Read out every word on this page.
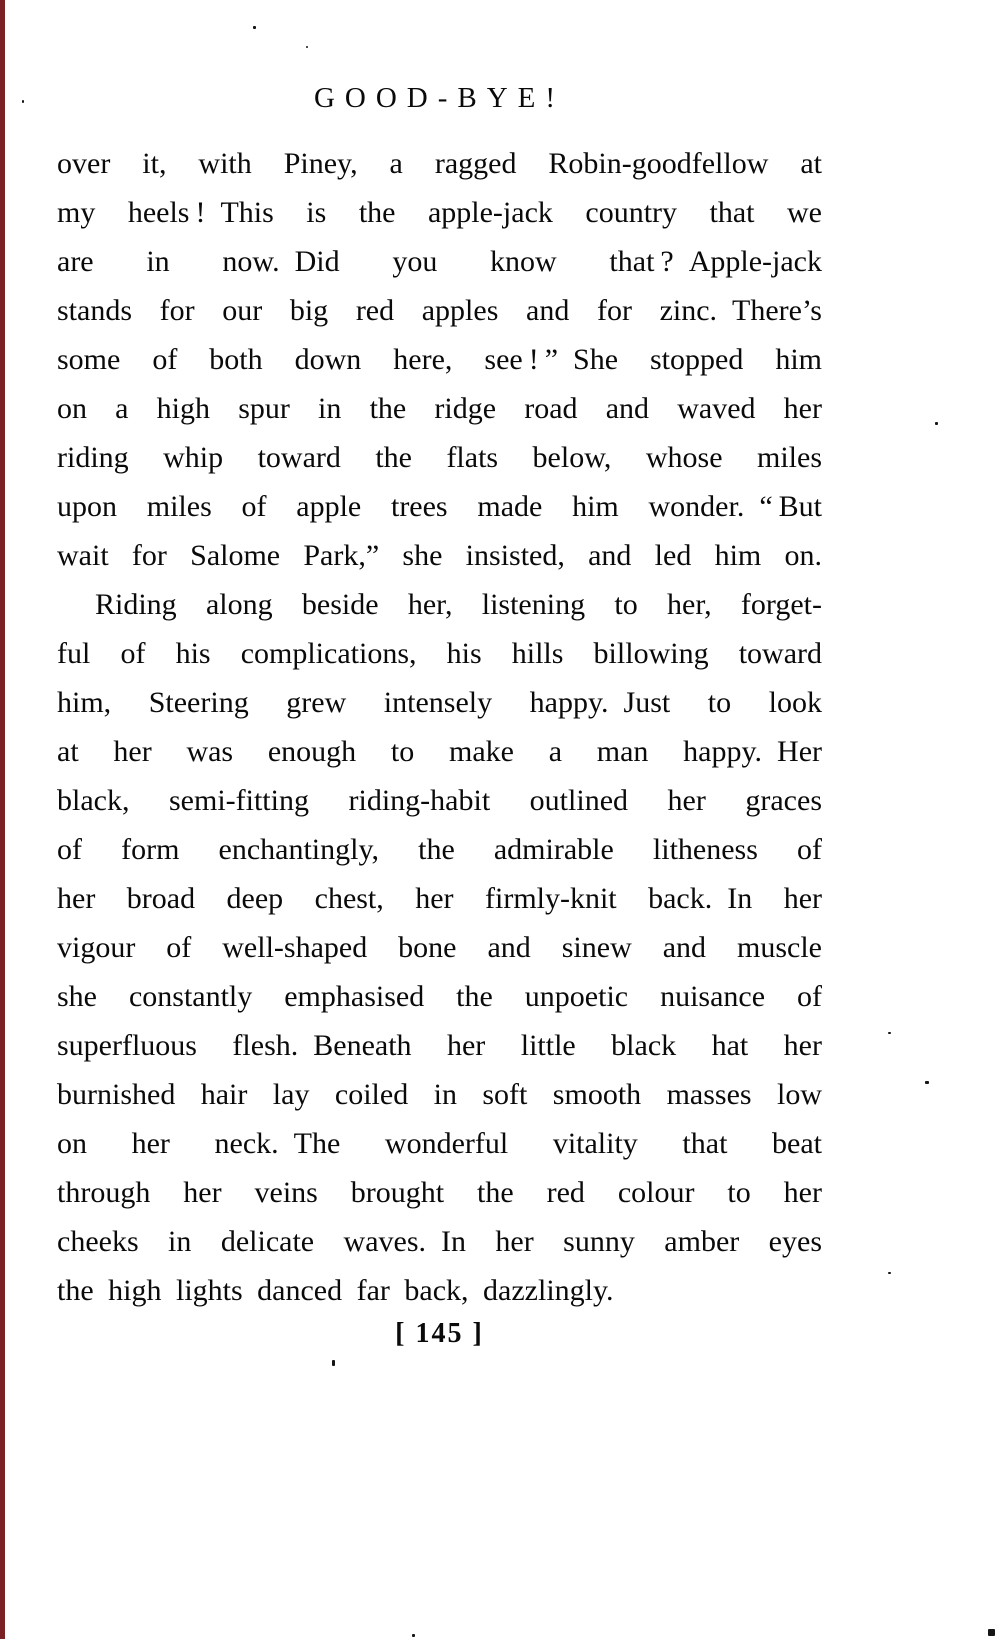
GOOD-BYE!
over it, with Piney, a ragged Robin-goodfellow at
my heels ! This is the apple-jack country that we
are in now. Did you know that ? Apple-jack
stands for our big red apples and for zinc. There’s
some of both down here, see ! ” She stopped him
on a high spur in the ridge road and waved her
riding whip toward the flats below, whose miles
upon miles of apple trees made him wonder. “ But
wait for Salome Park,” she insisted, and led him on.
Riding along beside her, listening to her, forget-
ful of his complications, his hills billowing toward
him, Steering grew intensely happy. Just to look
at her was enough to make a man happy. Her
black, semi-fitting riding-habit outlined her graces
of form enchantingly, the admirable litheness of
her broad deep chest, her firmly-knit back. In her
vigour of well-shaped bone and sinew and muscle
she constantly emphasised the unpoetic nuisance of
superfluous flesh. Beneath her little black hat her
burnished hair lay coiled in soft smooth masses low
on her neck. The wonderful vitality that beat
through her veins brought the red colour to her
cheeks in delicate waves. In her sunny amber eyes
the high lights danced far back, dazzlingly.
[ 145 ]
